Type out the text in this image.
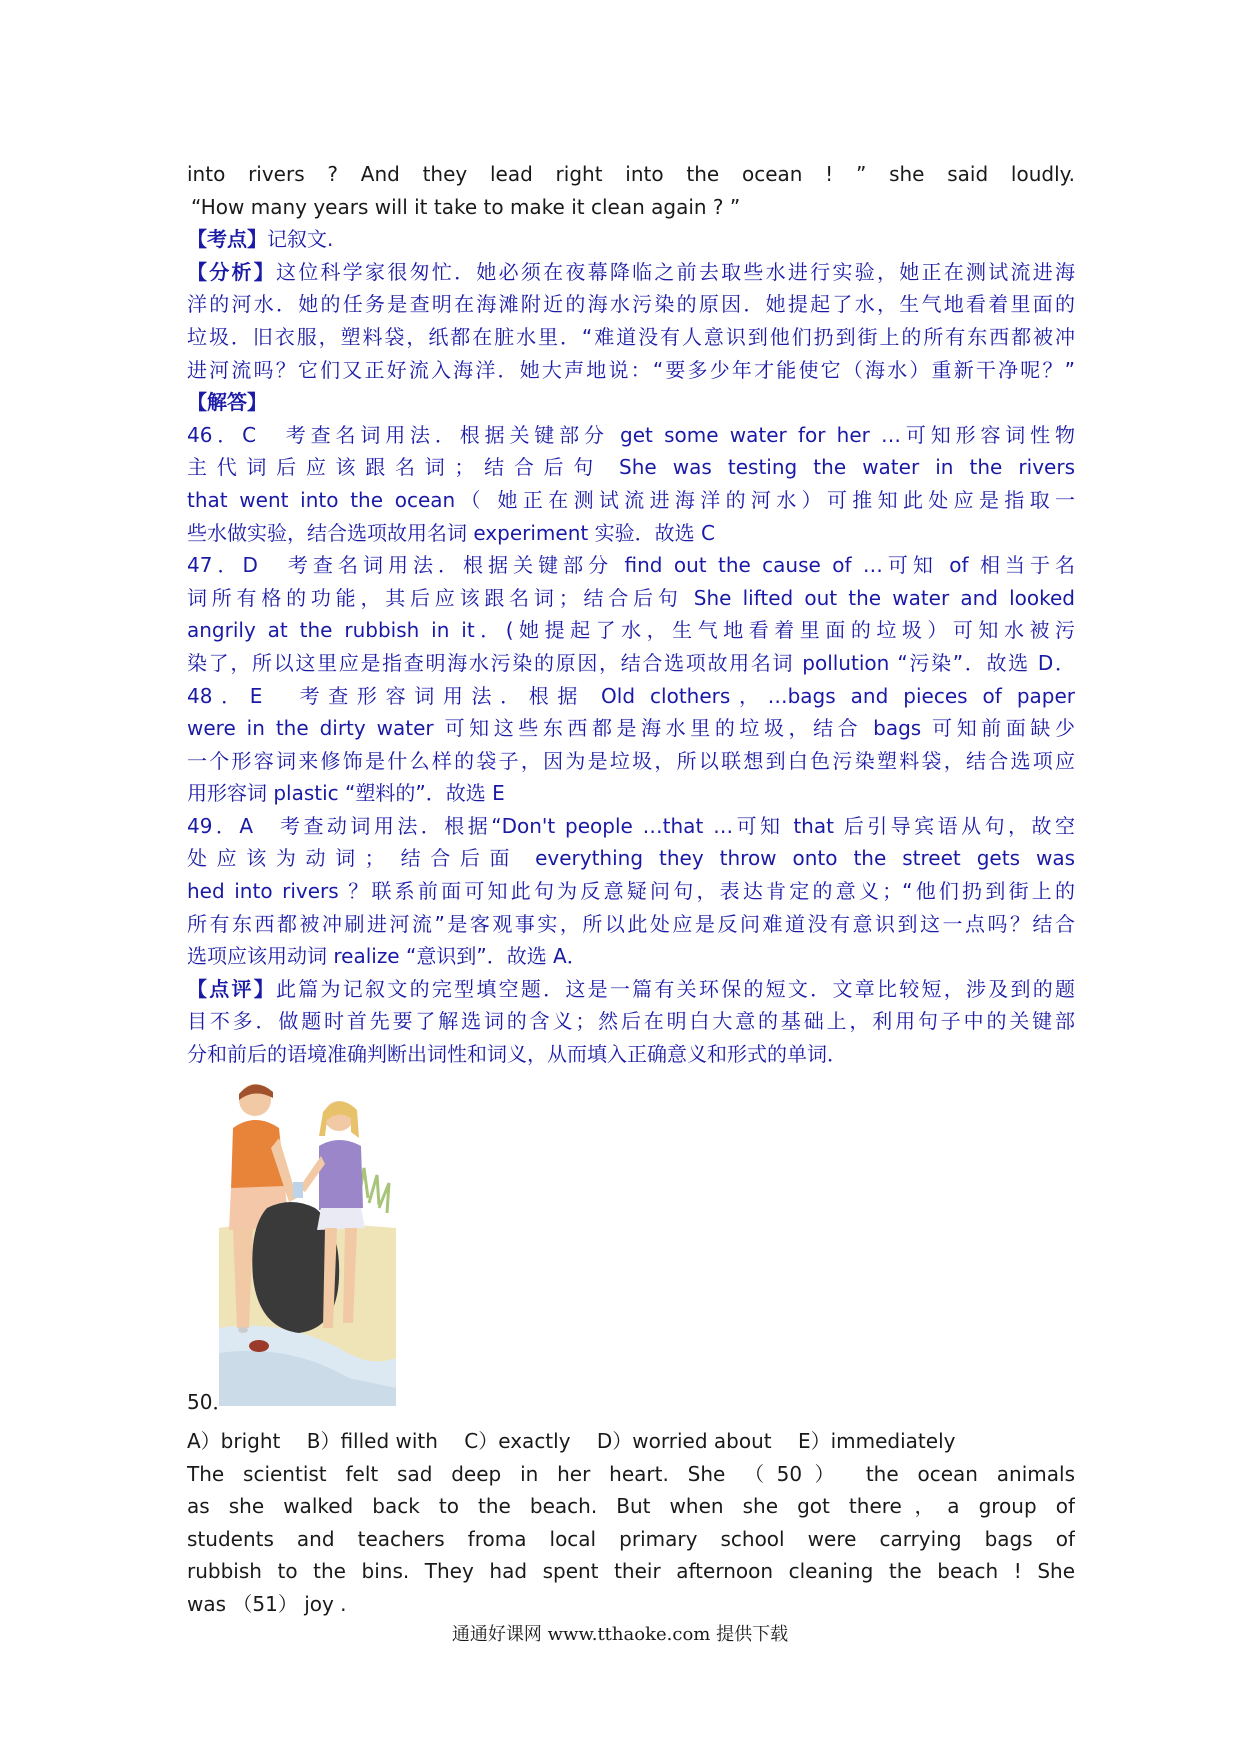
into rivers ? And they lead right into the ocean ! ” she said loudly.
“How many years will it take to make it clean again ? ”
【考点】记叙文.
【分析】这位科学家很匆忙．她必须在夜幕降临之前去取些水进行实验，她正在测试流进海
洋的河水．她的任务是查明在海滩附近的海水污染的原因．她提起了水，生气地看着里面的
垃圾．旧衣服，塑料袋，纸都在脏水里．“难道没有人意识到他们扔到街上的所有东西都被冲
进河流吗？它们又正好流入海洋．她大声地说：“要多少年才能使它（海水）重新干净呢？”
【解答】
46．C　考查名词用法．根据关键部分 get some water for her …可知形容词性物
主代词后应该跟名词；结合后句 She was testing the water in the rivers
that went into the ocean（ 她正在测试流进海洋的河水）可推知此处应是指取一
些水做实验，结合选项故用名词 experiment 实验．故选 C
47．D　考查名词用法．根据关键部分 find out the cause of …可知 of 相当于名
词所有格的功能，其后应该跟名词；结合后句 She lifted out the water and looked
angrily at the rubbish in it．(她提起了水，生气地看着里面的垃圾）可知水被污
染了，所以这里应是指查明海水污染的原因，结合选项故用名词 pollution “污染”．故选 D．
48．E　考查形容词用法．根据 Old clothers，…bags and pieces of paper
were in the dirty water 可知这些东西都是海水里的垃圾，结合 bags 可知前面缺少
一个形容词来修饰是什么样的袋子，因为是垃圾，所以联想到白色污染塑料袋，结合选项应
用形容词 plastic “塑料的”．故选 E
49．A　考查动词用法．根据“Don't people …that …可知 that 后引导宾语从句，故空
处应该为动词； 结合后面 everything they throw onto the street gets was
hed into rivers ？联系前面可知此句为反意疑问句，表达肯定的意义；“他们扔到街上的
所有东西都被冲刷进河流”是客观事实，所以此处应是反问难道没有意识到这一点吗？结合
选项应该用动词 realize “意识到”．故选 A．
【点评】此篇为记叙文的完型填空题．这是一篇有关环保的短文．文章比较短，涉及到的题
目不多．做题时首先要了解选词的含义；然后在明白大意的基础上，利用句子中的关键部
分和前后的语境准确判断出词性和词义，从而填入正确意义和形式的单词．
50．
A）bright　 B）filled with　 C）exactly　 D）worried about　 E）immediately
The scientist felt sad deep in her heart. She （50） the ocean animals
as she walked back to the beach. But when she got there，a group of
students and teachers froma local primary school were carrying bags of
rubbish to the bins. They had spent their afternoon cleaning the beach ! She
was （51） joy .
通通好课网 www.tthaoke.com 提供下载
